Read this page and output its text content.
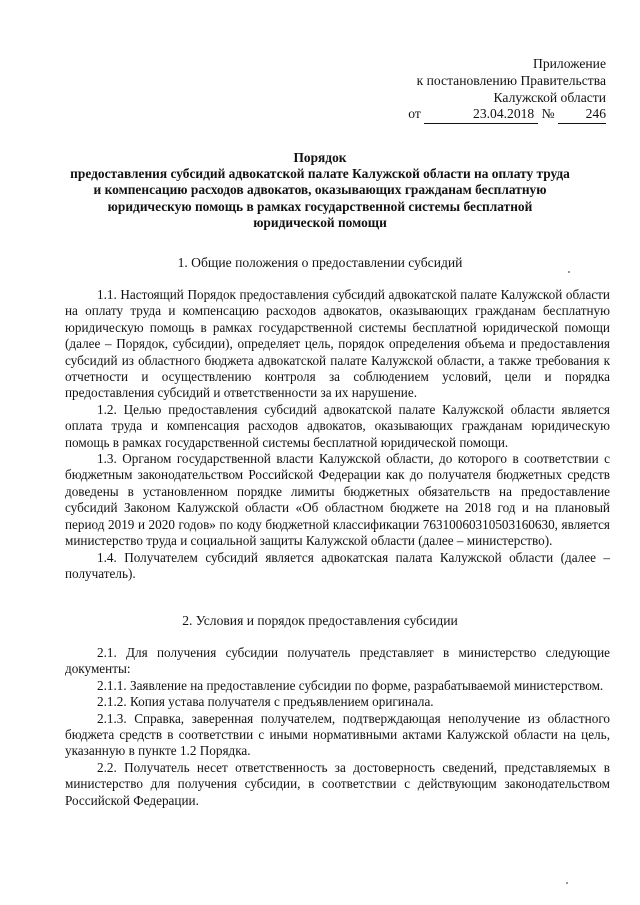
Приложение
к постановлению Правительства
Калужской области
от	23.04.2018 № 246
Порядок
предоставления субсидий адвокатской палате Калужской области на оплату труда и компенсацию расходов адвокатов, оказывающих гражданам бесплатную юридическую помощь в рамках государственной системы бесплатной юридической помощи
1. Общие положения о предоставлении субсидий

1.1. Настоящий Порядок предоставления субсидий адвокатской палате Калужской области на оплату труда и компенсацию расходов адвокатов, оказывающих гражданам бесплатную юридическую помощь в рамках государственной системы бесплатной юридической помощи (далее – Порядок, субсидии), определяет цель, порядок определения объема и предоставления субсидий из областного бюджета адвокатской палате Калужской области, а также требования к отчетности и осуществлению контроля за соблюдением условий, цели и порядка предоставления субсидий и ответственности за их нарушение.

1.2. Целью предоставления субсидий адвокатской палате Калужской области является оплата труда и компенсация расходов адвокатов, оказывающих гражданам юридическую помощь в рамках государственной системы бесплатной юридической помощи.

1.3. Органом государственной власти Калужской области, до которого в соответствии с бюджетным законодательством Российской Федерации как до получателя бюджетных средств доведены в установленном порядке лимиты бюджетных обязательств на предоставление субсидий Законом Калужской области «Об областном бюджете на 2018 год и на плановый период 2019 и 2020 годов» по коду бюджетной классификации 76310060310503160630, является министерство труда и социальной защиты Калужской области (далее – министерство).

1.4. Получателем субсидий является адвокатская палата Калужской области (далее – получатель).

2. Условия и порядок предоставления субсидии

2.1. Для получения субсидии получатель представляет в министерство следующие документы:

2.1.1. Заявление на предоставление субсидии по форме, разрабатываемой министерством.

2.1.2. Копия устава получателя с предъявлением оригинала.

2.1.3. Справка, заверенная получателем, подтверждающая неполучение из областного бюджета средств в соответствии с иными нормативными актами Калужской области на цель, указанную в пункте 1.2 Порядка.

2.2. Получатель несет ответственность за достоверность сведений, представляемых в министерство для получения субсидии, в соответствии с действующим законодательством Российской Федерации.
